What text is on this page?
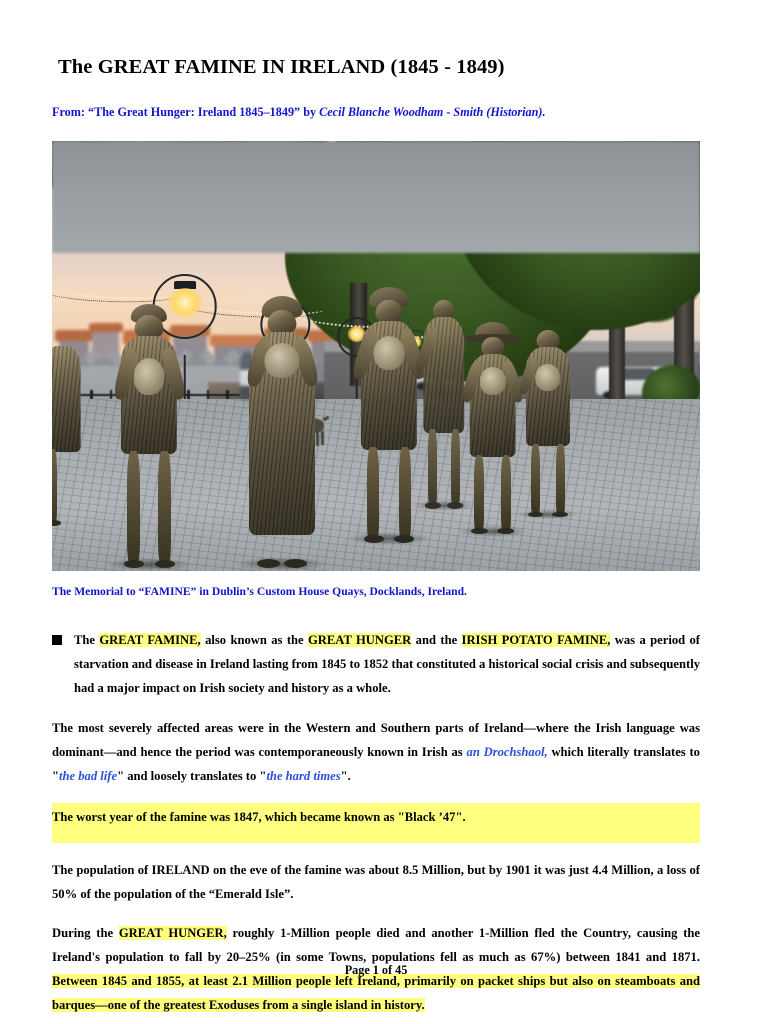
The GREAT FAMINE IN IRELAND (1845 - 1849)
From: “The Great Hunger: Ireland 1845–1849” by Cecil Blanche Woodham - Smith (Historian).
The Memorial to “FAMINE” in Dublin’s Custom House Quays, Docklands, Ireland.

The GREAT FAMINE, also known as the GREAT HUNGER and the IRISH POTATO FAMINE, was a period of starvation and disease in Ireland lasting from 1845 to 1852 that constituted a historical social crisis and subsequently had a major impact on Irish society and history as a whole.

The most severely affected areas were in the Western and Southern parts of Ireland—where the Irish language was dominant—and hence the period was contemporaneously known in Irish as an Drochshaol, which literally translates to "the bad life" and loosely translates to "the hard times".

The worst year of the famine was 1847, which became known as "Black ’47".

The population of IRELAND on the eve of the famine was about 8.5 Million, but by 1901 it was just 4.4 Million, a loss of 50% of the population of the “Emerald Isle”.

During the GREAT HUNGER, roughly 1-Million people died and another 1-Million fled the Country, causing the Ireland's population to fall by 20–25% (in some Towns, populations fell as much as 67%) between 1841 and 1871. Between 1845 and 1855, at least 2.1 Million people left Ireland, primarily on packet ships but also on steamboats and barques—one of the greatest Exoduses from a single island in history.

Page 1 of 45
